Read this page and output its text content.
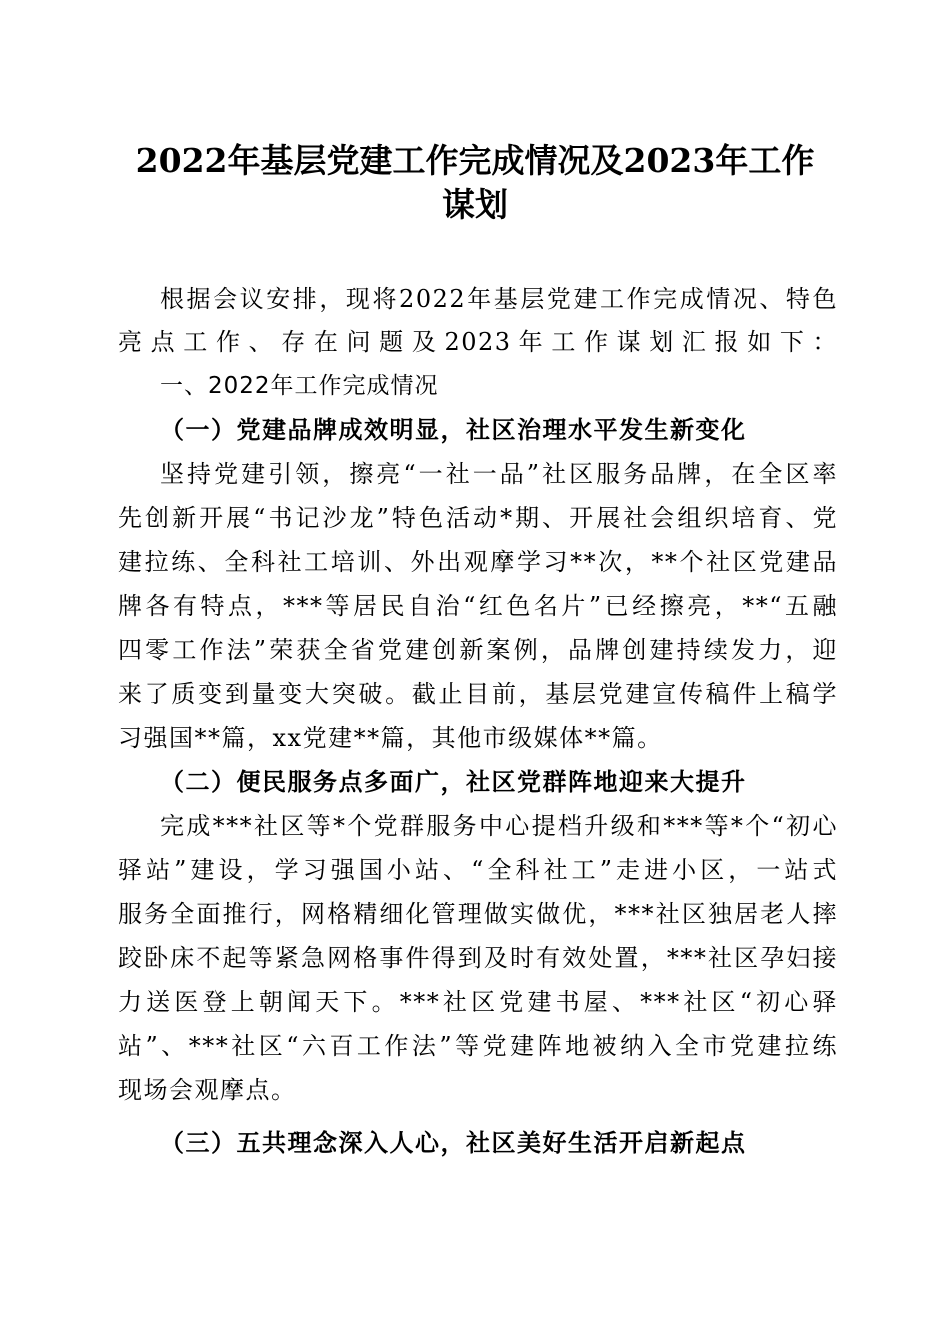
2022年基层党建工作完成情况及2023年工作
谋划
根据会议安排，现将2022年基层党建工作完成情况、特色
亮点工作、存在问题及2023年工作谋划汇报如下：
一、2022年工作完成情况
（一）党建品牌成效明显，社区治理水平发生新变化
坚持党建引领，擦亮“一社一品”社区服务品牌，在全区率
先创新开展“书记沙龙”特色活动*期、开展社会组织培育、党
建拉练、全科社工培训、外出观摩学习**次，**个社区党建品
牌各有特点，***等居民自治“红色名片”已经擦亮，**“五融
四零工作法”荣获全省党建创新案例，品牌创建持续发力，迎
来了质变到量变大突破。截止目前，基层党建宣传稿件上稿学
习强国**篇，xx党建**篇，其他市级媒体**篇。
（二）便民服务点多面广，社区党群阵地迎来大提升
完成***社区等*个党群服务中心提档升级和***等*个“初心
驿站”建设，学习强国小站、“全科社工”走进小区，一站式
服务全面推行，网格精细化管理做实做优，***社区独居老人摔
跤卧床不起等紧急网格事件得到及时有效处置，***社区孕妇接
力送医登上朝闻天下。***社区党建书屋、***社区“初心驿
站”、***社区“六百工作法”等党建阵地被纳入全市党建拉练
现场会观摩点。
（三）五共理念深入人心，社区美好生活开启新起点
